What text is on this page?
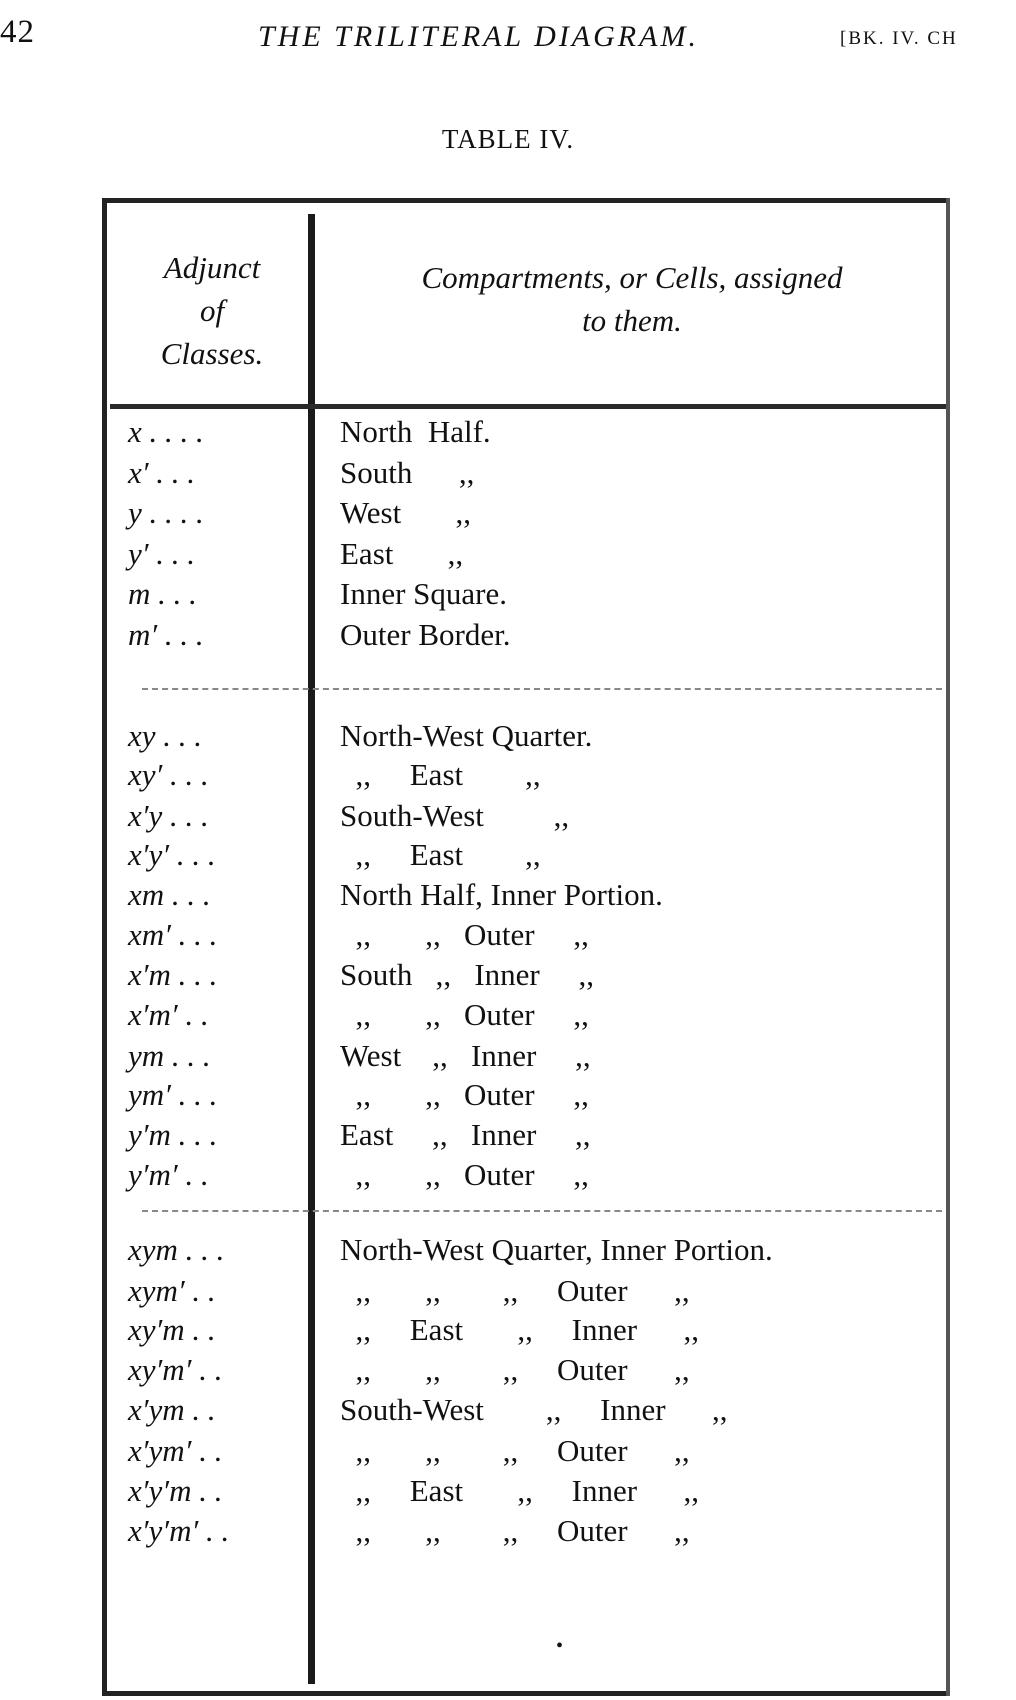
42	THE TRILITERAL DIAGRAM.	[BK. IV. CH
TABLE IV.
Adjunct
of
Classes.
Compartments, or Cells, assigned
to them.
x . . . .	North  Half.
x′ . . .	South      ,,
y . . . .	West       ,,
y′ . . .	East       ,,
m . . .	Inner Square.
m′ . . .	Outer Border.
xy . . .	North-West Quarter.
xy′ . . .	,,     East        ,,
x′y . . .	South-West         ,,
x′y′ . . .	,,     East        ,,
xm . . .	North Half, Inner Portion.
xm′ . . .	,,       ,,   Outer     ,,
x′m . . .	South   ,,   Inner     ,,
x′m′ . .	,,       ,,   Outer     ,,
ym . . .	West    ,,   Inner     ,,
ym′ . . .	,,       ,,   Outer     ,,
y′m . . .	East     ,,   Inner     ,,
y′m′ . .	,,       ,,   Outer     ,,
xym . . .	North-West Quarter, Inner Portion.
xym′ . .	,,       ,,        ,,     Outer      ,,
xy′m . .	,,     East       ,,     Inner      ,,
xy′m′ . .	,,       ,,        ,,     Outer      ,,
x′ym . .	South-West        ,,     Inner      ,,
x′ym′ . .	,,       ,,        ,,     Outer      ,,
x′y′m . .	,,     East       ,,     Inner      ,,
x′y′m′ . .	,,       ,,        ,,     Outer      ,,
•
